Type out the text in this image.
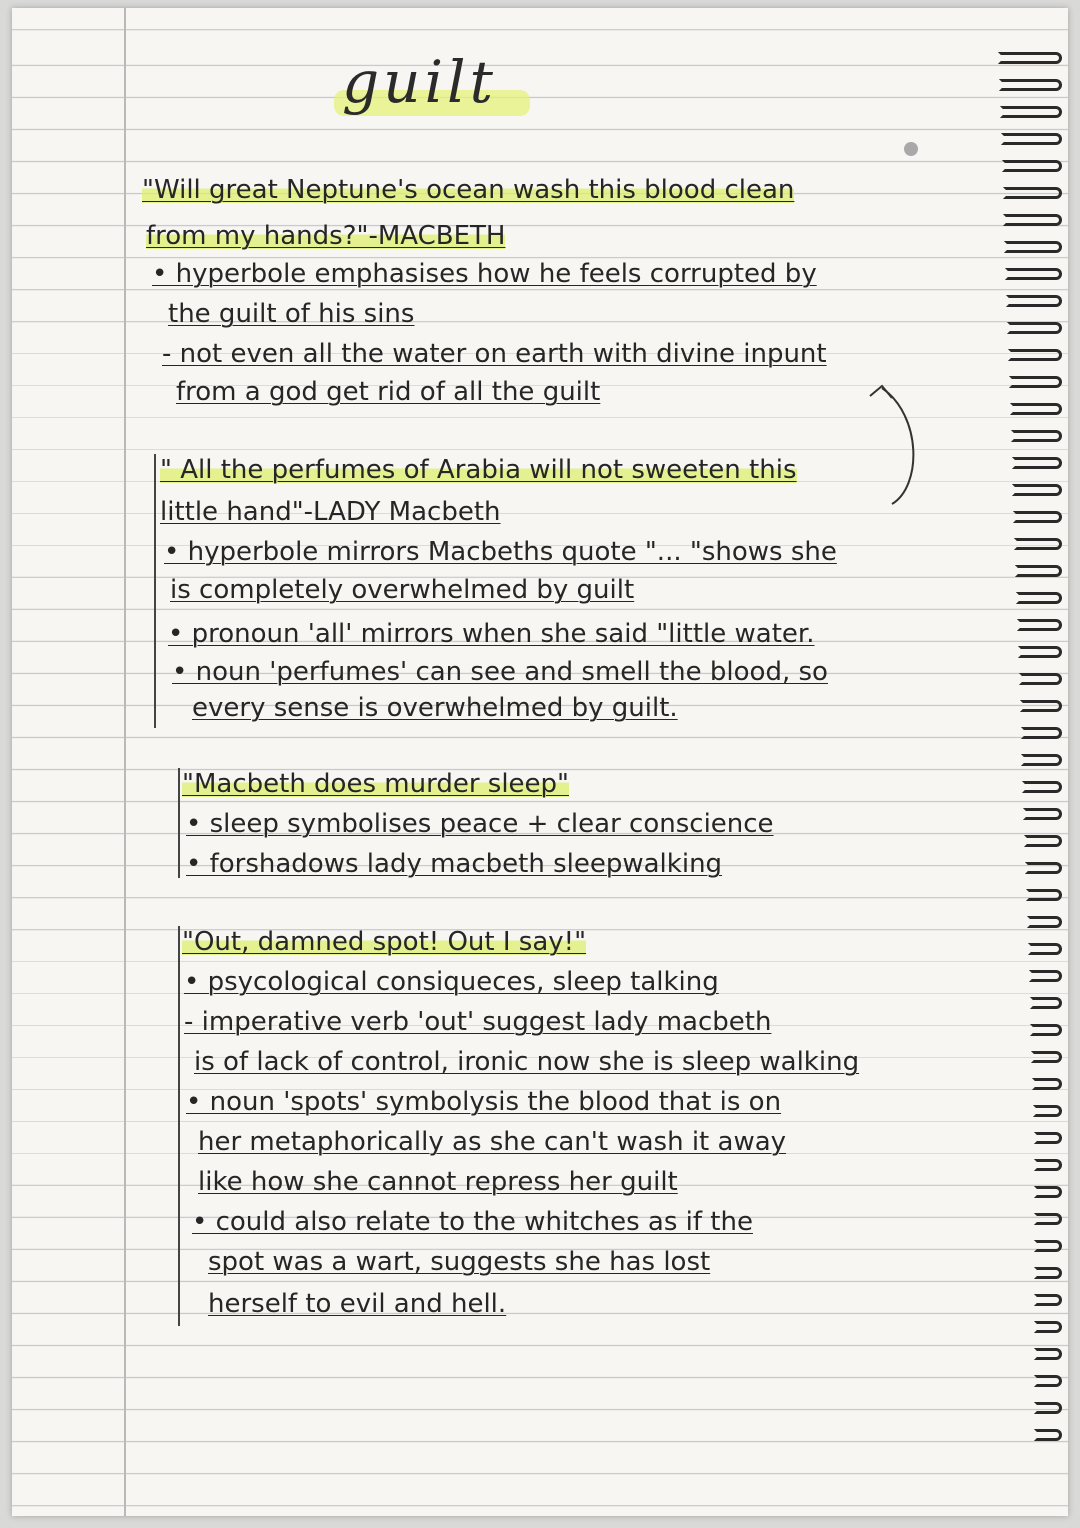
guilt
"Will great Neptune's ocean wash this blood clean
from my hands?"-MACBETH
• hyperbole emphasises how he feels corrupted by
the guilt of his sins
- not even all the water on earth with divine inpunt
from a god get rid of all the guilt
" All the perfumes of Arabia will not sweeten this
little hand"-LADY Macbeth
• hyperbole mirrors Macbeths quote "... "shows she
is completely overwhelmed by guilt
• pronoun 'all' mirrors when she said "little water.
• noun 'perfumes' can see and smell the blood, so
every sense is overwhelmed by guilt.
"Macbeth does murder sleep"
• sleep symbolises peace + clear conscience
• forshadows lady macbeth sleepwalking
"Out, damned spot! Out I say!"
• psycological consiqueces, sleep talking
- imperative verb 'out' suggest lady macbeth
is of lack of control, ironic now she is sleep walking
• noun 'spots' symbolysis the blood that is on
her metaphorically as she can't wash it away
like how she cannot repress her guilt
• could also relate to the whitches as if the
spot was a wart, suggests she has lost
herself to evil and hell.
